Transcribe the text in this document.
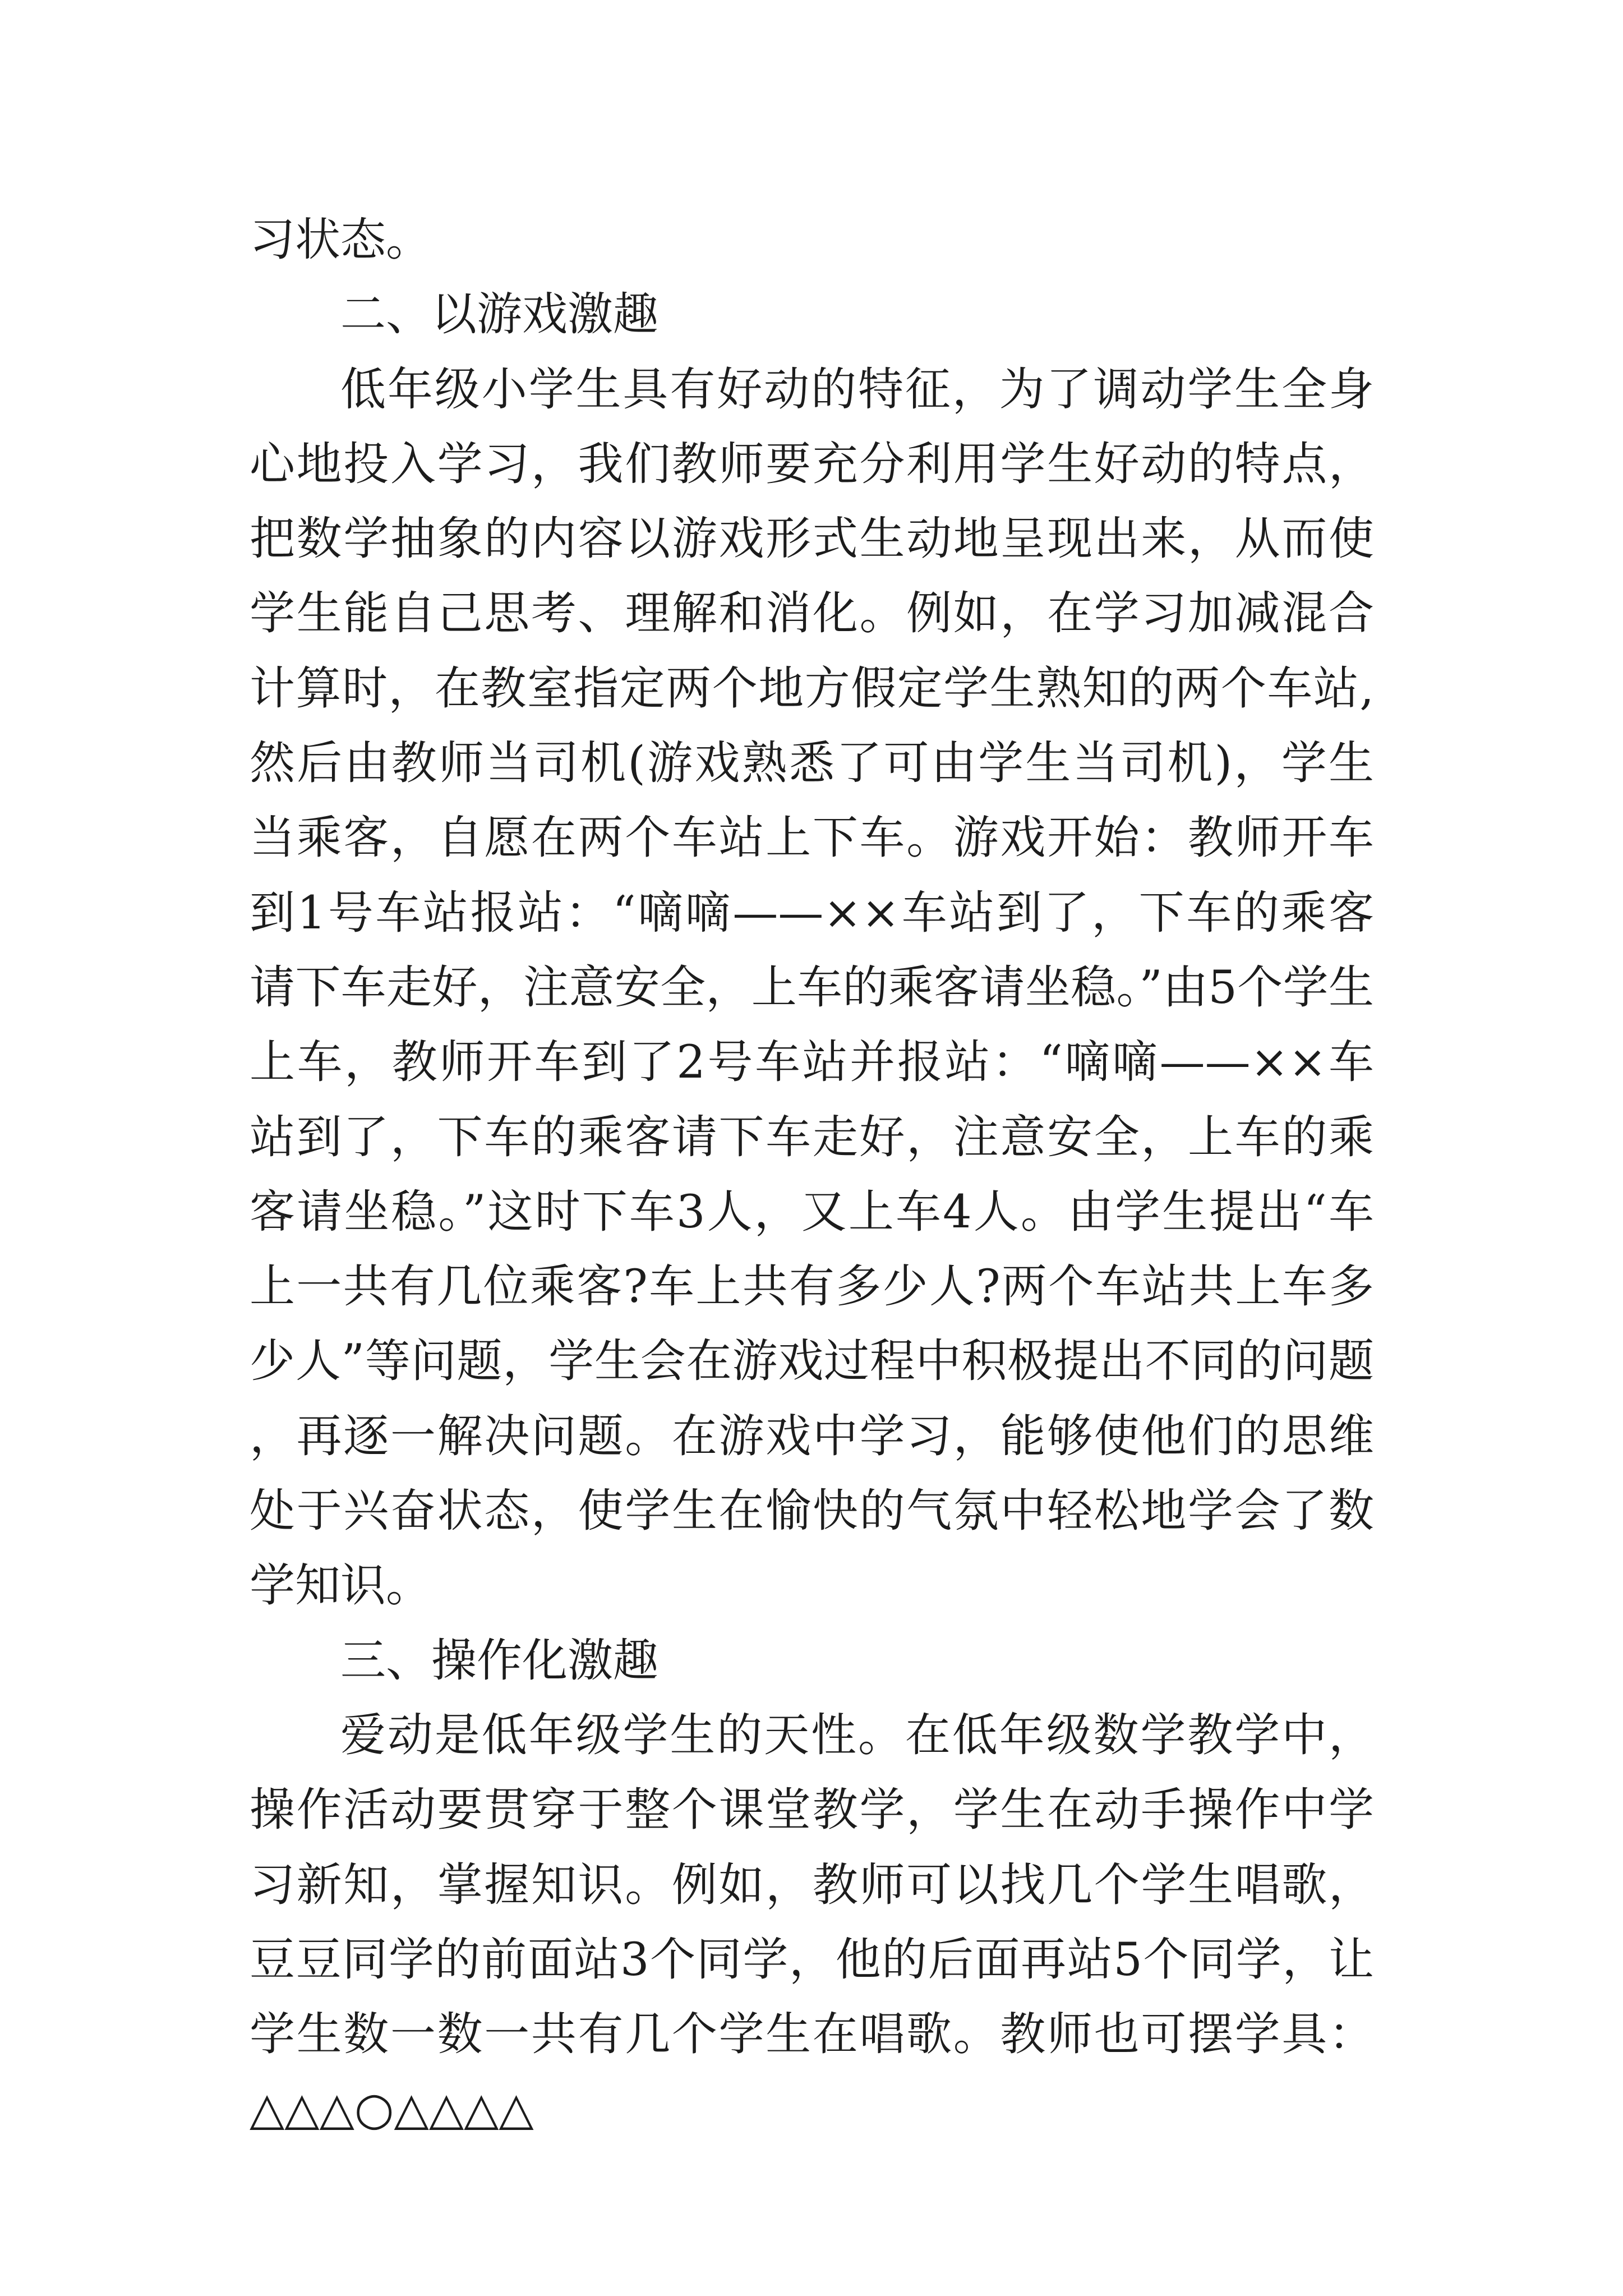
习状态。

二、以游戏激趣

低年级小学生具有好动的特征，为了调动学生全身心地投入学习，我们教师要充分利用学生好动的特点，把数学抽象的内容以游戏形式生动地呈现出来，从而使学生能自己思考、理解和消化。例如，在学习加减混合计算时，在教室指定两个地方假定学生熟知的两个车站,然后由教师当司机(游戏熟悉了可由学生当司机)，学生当乘客，自愿在两个车站上下车。游戏开始：教师开车到1号车站报站：“嘀嘀——××车站到了，下车的乘客请下车走好，注意安全，上车的乘客请坐稳。”由5个学生上车，教师开车到了2号车站并报站：“嘀嘀——××车站到了，下车的乘客请下车走好，注意安全，上车的乘客请坐稳。”这时下车3人，又上车4人。由学生提出“车上一共有几位乘客?车上共有多少人?两个车站共上车多少人”等问题，学生会在游戏过程中积极提出不同的问题，再逐一解决问题。在游戏中学习，能够使他们的思维处于兴奋状态，使学生在愉快的气氛中轻松地学会了数学知识。

三、操作化激趣

爱动是低年级学生的天性。在低年级数学教学中，操作活动要贯穿于整个课堂教学，学生在动手操作中学习新知，掌握知识。例如，教师可以找几个学生唱歌，豆豆同学的前面站3个同学，他的后面再站5个同学，让学生数一数一共有几个学生在唱歌。教师也可摆学具：△△△○△△△△
